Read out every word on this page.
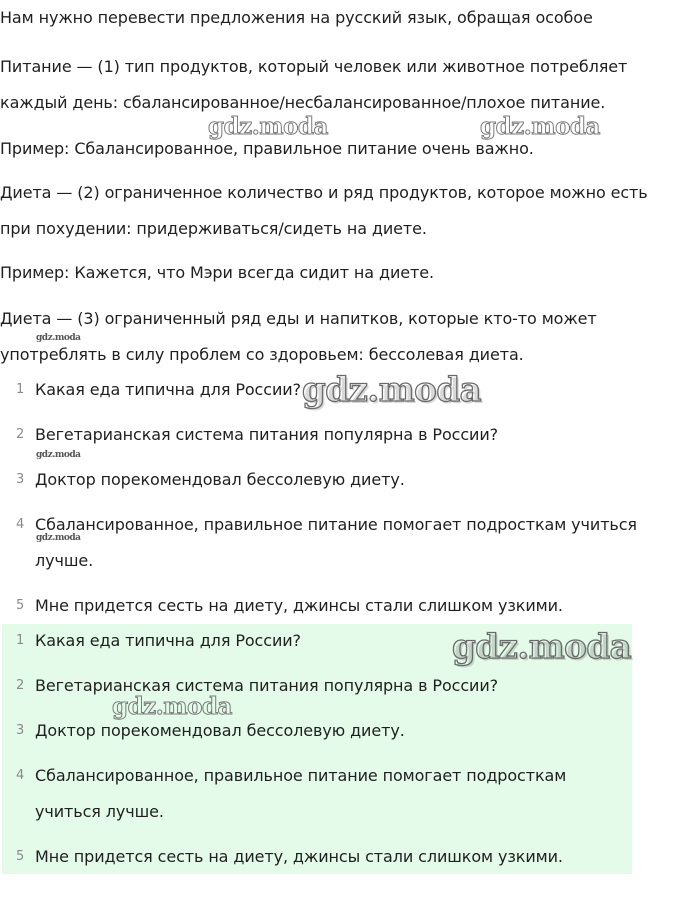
Нам нужно перевести предложения на русский язык, обращая особое
Питание — (1) тип продуктов, который человек или животное потребляет
каждый день: сбалансированное/несбалансированное/плохое питание.
Пример: Сбалансированное, правильное питание очень важно.
Диета — (2) ограниченное количество и ряд продуктов, которое можно есть
при похудении: придерживаться/сидеть на диете.
Пример: Кажется, что Мэри всегда сидит на диете.
Диета — (3) ограниченный ряд еды и напитков, которые кто-то может
употреблять в силу проблем со здоровьем: бессолевая диета.
1 Какая еда типична для России?
2 Вегетарианская система питания популярна в России?
3 Доктор порекомендовал бессолевую диету.
4 Сбалансированное, правильное питание помогает подросткам учиться
лучше.
5 Мне придется сесть на диету, джинсы стали слишком узкими.
1 Какая еда типична для России?
2 Вегетарианская система питания популярна в России?
3 Доктор порекомендовал бессолевую диету.
4 Сбалансированное, правильное питание помогает подросткам
учиться лучше.
5 Мне придется сесть на диету, джинсы стали слишком узкими.
gdz.moda	gdz.moda
gdz.moda
gdz.moda
gdz.moda
gdz.moda
gdz.moda
gdz.moda
